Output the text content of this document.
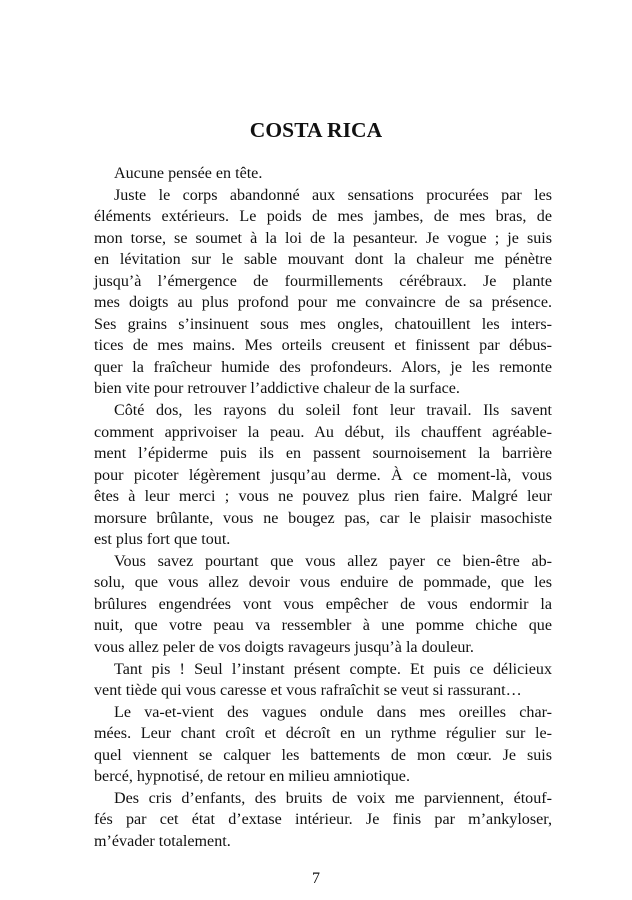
COSTA RICA

Aucune pensée en tête.

Juste le corps abandonné aux sensations procurées par les
éléments extérieurs. Le poids de mes jambes, de mes bras, de
mon torse, se soumet à la loi de la pesanteur. Je vogue ; je suis
en lévitation sur le sable mouvant dont la chaleur me pénètre
jusqu’à l’émergence de fourmillements cérébraux. Je plante
mes doigts au plus profond pour me convaincre de sa présence.
Ses grains s’insinuent sous mes ongles, chatouillent les inters-
tices de mes mains. Mes orteils creusent et finissent par débus-
quer la fraîcheur humide des profondeurs. Alors, je les remonte
bien vite pour retrouver l’addictive chaleur de la surface.

Côté dos, les rayons du soleil font leur travail. Ils savent
comment apprivoiser la peau. Au début, ils chauffent agréable-
ment l’épiderme puis ils en passent sournoisement la barrière
pour picoter légèrement jusqu’au derme. À ce moment-là, vous
êtes à leur merci ; vous ne pouvez plus rien faire. Malgré leur
morsure brûlante, vous ne bougez pas, car le plaisir masochiste
est plus fort que tout.

Vous savez pourtant que vous allez payer ce bien-être ab-
solu, que vous allez devoir vous enduire de pommade, que les
brûlures engendrées vont vous empêcher de vous endormir la
nuit, que votre peau va ressembler à une pomme chiche que
vous allez peler de vos doigts ravageurs jusqu’à la douleur.

Tant pis ! Seul l’instant présent compte. Et puis ce délicieux
vent tiède qui vous caresse et vous rafraîchit se veut si rassurant…

Le va-et-vient des vagues ondule dans mes oreilles char-
mées. Leur chant croît et décroît en un rythme régulier sur le-
quel viennent se calquer les battements de mon cœur. Je suis
bercé, hypnotisé, de retour en milieu amniotique.

Des cris d’enfants, des bruits de voix me parviennent, étouf-
fés par cet état d’extase intérieur. Je finis par m’ankyloser,
m’évader totalement.

7
